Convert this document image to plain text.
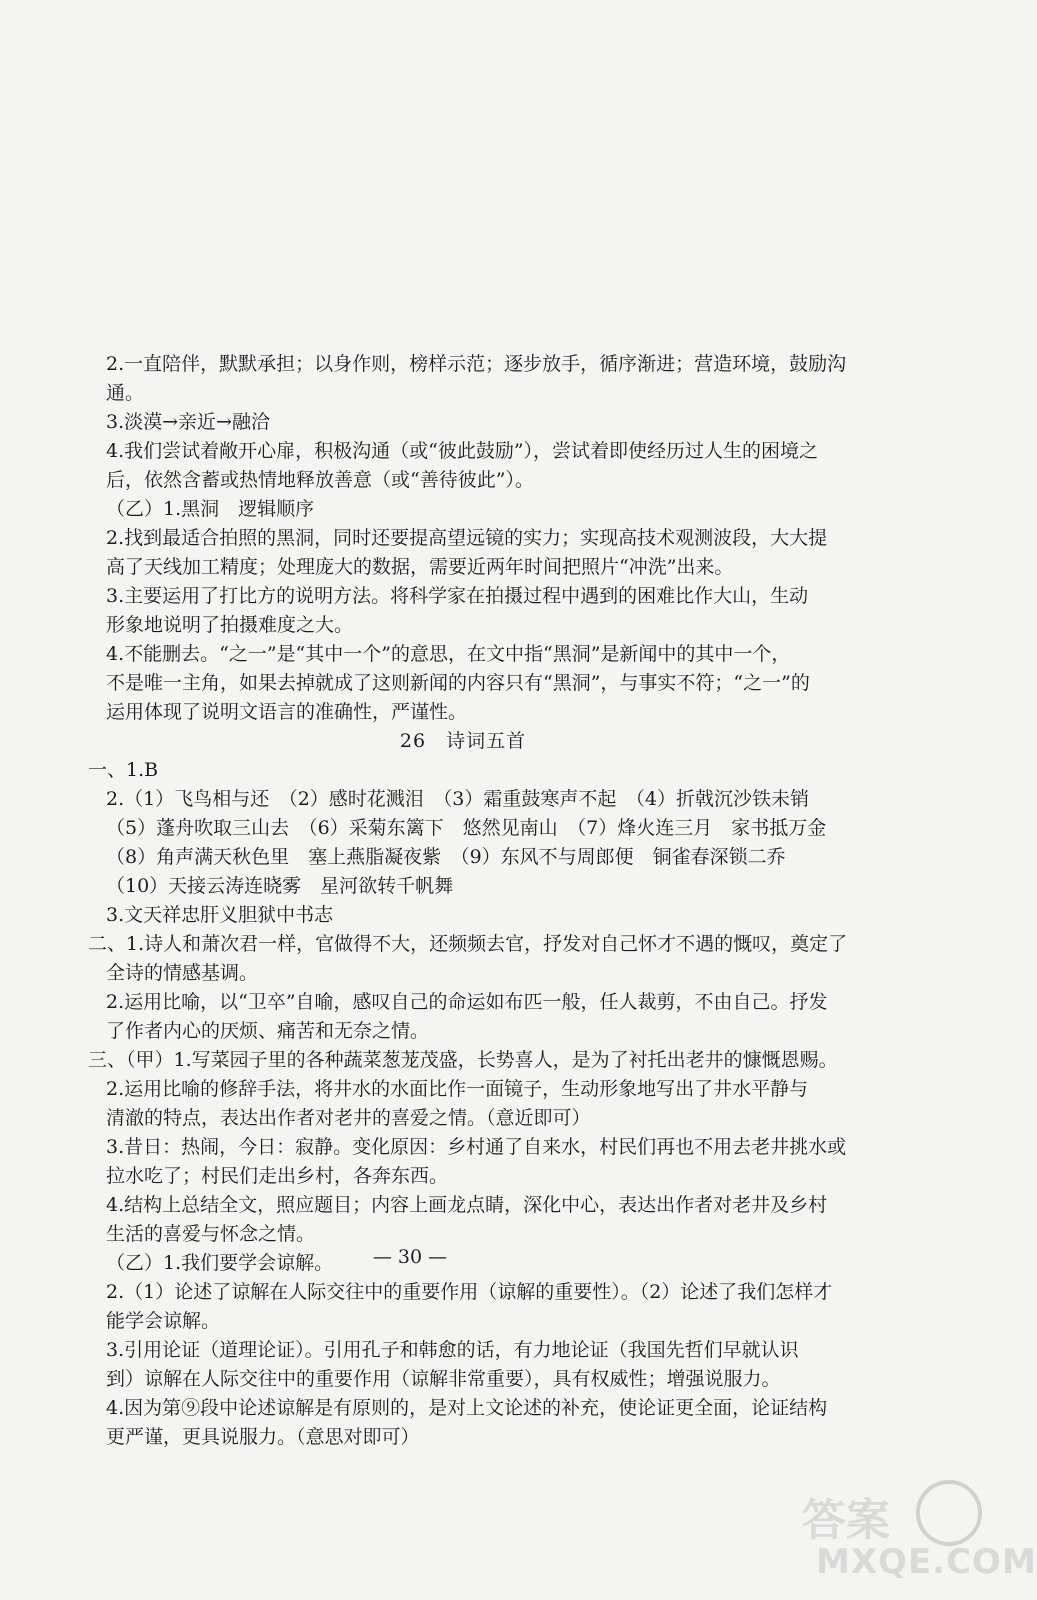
2.一直陪伴，默默承担；以身作则，榜样示范；逐步放手，循序渐进；营造环境，鼓励沟
通。
3.淡漠→亲近→融洽
4.我们尝试着敞开心扉，积极沟通（或“彼此鼓励”），尝试着即使经历过人生的困境之
后，依然含蓄或热情地释放善意（或“善待彼此”）。
（乙）1.黑洞　逻辑顺序
2.找到最适合拍照的黑洞，同时还要提高望远镜的实力；实现高技术观测波段，大大提
高了天线加工精度；处理庞大的数据，需要近两年时间把照片“冲洗”出来。
3.主要运用了打比方的说明方法。将科学家在拍摄过程中遇到的困难比作大山，生动
形象地说明了拍摄难度之大。
4.不能删去。“之一”是“其中一个”的意思，在文中指“黑洞”是新闻中的其中一个，
不是唯一主角，如果去掉就成了这则新闻的内容只有“黑洞”，与事实不符；“之一”的
运用体现了说明文语言的准确性，严谨性。
26　诗词五首
一、1.B
2.（1）飞鸟相与还　（2）感时花溅泪　（3）霜重鼓寒声不起　（4）折戟沉沙铁未销
（5）蓬舟吹取三山去　（6）采菊东篱下　悠然见南山　（7）烽火连三月　家书抵万金
（8）角声满天秋色里　塞上燕脂凝夜紫　（9）东风不与周郎便　铜雀春深锁二乔
（10）天接云涛连晓雾　星河欲转千帆舞
3.文天祥忠肝义胆狱中书志
二、1.诗人和萧次君一样，官做得不大，还频频去官，抒发对自己怀才不遇的慨叹，奠定了
全诗的情感基调。
2.运用比喻，以“卫卒”自喻，感叹自己的命运如布匹一般，任人裁剪，不由自己。抒发
了作者内心的厌烦、痛苦和无奈之情。
三、（甲）1.写菜园子里的各种蔬菜葱茏茂盛，长势喜人，是为了衬托出老井的慷慨恩赐。
2.运用比喻的修辞手法，将井水的水面比作一面镜子，生动形象地写出了井水平静与
清澈的特点，表达出作者对老井的喜爱之情。（意近即可）
3.昔日：热闹，今日：寂静。变化原因：乡村通了自来水，村民们再也不用去老井挑水或
拉水吃了；村民们走出乡村，各奔东西。
4.结构上总结全文，照应题目；内容上画龙点睛，深化中心，表达出作者对老井及乡村
生活的喜爱与怀念之情。
（乙）1.我们要学会谅解。
2.（1）论述了谅解在人际交往中的重要作用（谅解的重要性）。（2）论述了我们怎样才
能学会谅解。
3.引用论证（道理论证）。引用孔子和韩愈的话，有力地论证（我国先哲们早就认识
到）谅解在人际交往中的重要作用（谅解非常重要），具有权威性；增强说服力。
4.因为第⑨段中论述谅解是有原则的，是对上文论述的补充，使论证更全面，论证结构
更严谨，更具说服力。（意思对即可）
— 30 —
答案
MXQE.COM
